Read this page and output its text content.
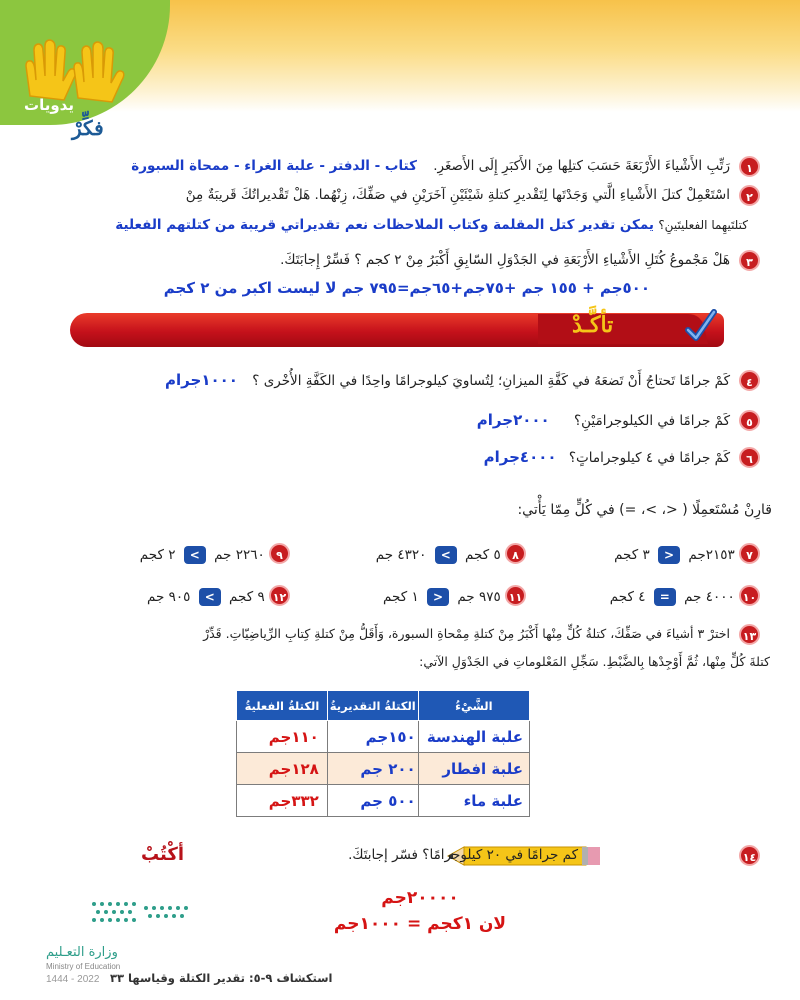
يدويات
فكِّرْ
١
رَتِّبِ الأَشْياءَ الأَرْبَعَةَ حَسَبَ كتلِها مِنَ الأَكبَرِ إِلَى الأَصغَرِ. كتاب - الدفتر - علبة الغراء - ممحاة السبورة
٢
اسْتَعْمِلْ كتلَ الأَشْياءِ الَّتي وَجَدْتَها لِتَقْديرِ كتلةِ شَيْئَيْنِ آخَرَيْنِ في صَفِّكَ، زِنْهُما. هَلْ تَقْديراتُكَ قَريبَةٌ مِنْ
كتلتَيهِما الفعليتَينِ؟ يمكن تقدير كتل المقلمة وكتاب الملاحظات نعم تقديراتي قريبة من كتلتهم الفعلية
٣
هَلْ مَجْموعُ كُتَلِ الأَشْياءِ الأَرْبَعَةِ في الجَدْوَلِ السّابِقِ أَكْبَرُ مِنْ ٢ كجم ؟ فَسِّرْ إِجابَتَكَ.
٥٠٠جم + ١٥٥ جم +٧٥جم+٦٥جم=٧٩٥ جم لا ليست اكبر من ٢ كجم
تأكَّـدْ
٤
كَمْ جرامًا تَحتاجُ أَنْ تَضعَهُ في كَفَّةِ الميزانِ؛ لِتُساويَ كيلوجرامًا واحِدًا في الكَفَّةِ الأُخْرى ؟ ١٠٠٠جرام
٥
كَمْ جرامًا في الكيلوجرامَيْنِ؟ ٢٠٠٠جرام
٦
كَمْ جرامًا في ٤ كيلوجراماتٍ؟ ٤٠٠٠جرام
قارِنْ مُسْتَعمِلًا ( <، >، =) في كُلٍّ مِمّا يَأْتي:
٧ ٢١٥٣جم < ٣ كجم
٨ ٥ كجم > ٤٣٢٠ جم
٩ ٢٢٦٠ جم > ٢ كجم
١٠ ٤٠٠٠ جم = ٤ كجم
١١ ٩٧٥ جم < ١ كجم
١٢ ٩ كجم > ٩٠٥ جم
١٣
اخترْ ٣ أشياءَ في صَفِّكَ، كتلةُ كُلٍّ مِنْها أَكْبَرُ مِنْ كتلةِ مِمْحاةِ السبورة، وَأَقَلُّ مِنْ كتلةِ كِتابِ الرِّياضِيّاتِ. قَدِّرْ
كتلةَ كُلٍّ مِنْها، ثُمَّ أَوْجِدْها بِالضَّبْطِ. سَجِّلِ المَعْلوماتِ في الجَدْوَلِ الآتي:
الشَّيْءُ	الكتلةُ التقديريةُ	الكتلةُ الفعليةُ
علبة الهندسة	١٥٠جم	١١٠جم
علبة افطار	٢٠٠ جم	١٢٨جم
علبة ماء	٥٠٠ جم	٣٣٢جم
أكْتُبْ	١٤
كم جرامًا في ٢٠ كيلوجرامًا؟ فسّر إجابتَكَ.
٢٠٠٠٠جم
لان ١كجم = ١٠٠٠جم
وزارة التعـليم
Ministry of Education
2022 - 1444 استكشاف ٩-٥: تقدير الكتلة وقياسها ٣٣
